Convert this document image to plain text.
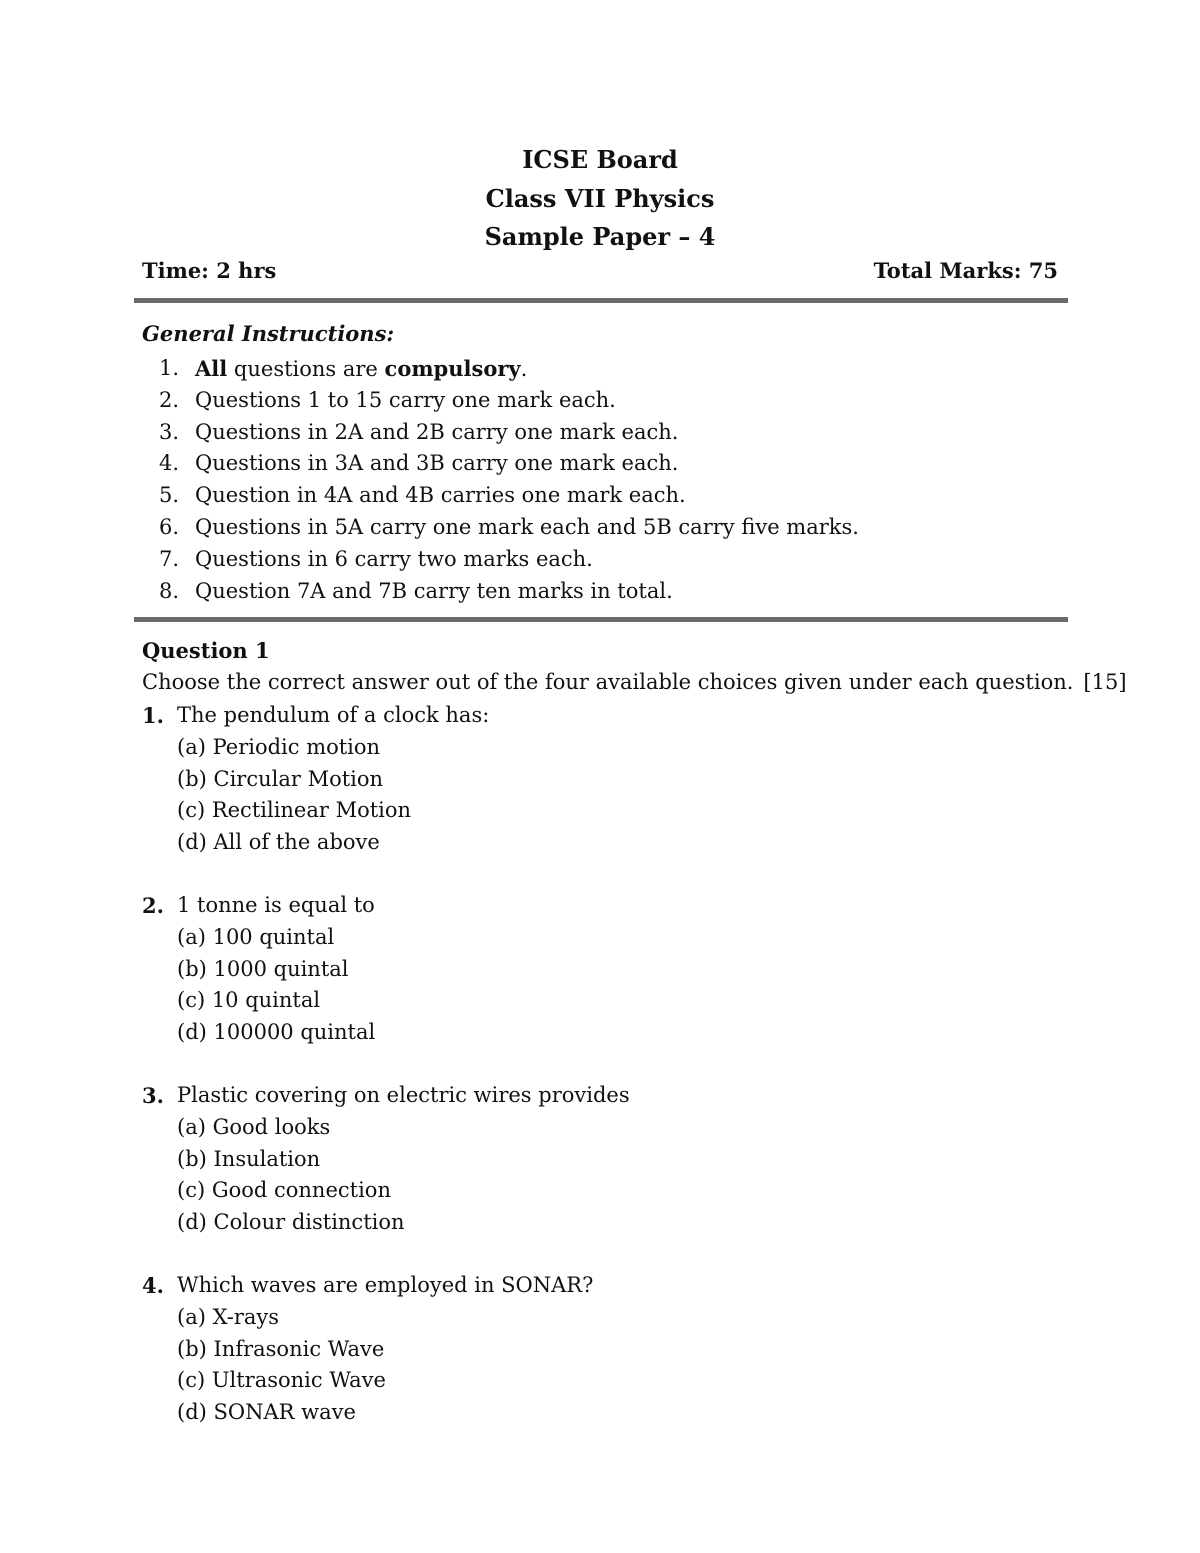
ICSE Board
Class VII Physics
Sample Paper – 4
Time: 2 hrs	Total Marks: 75
General Instructions:
1. All questions are compulsory.
2. Questions 1 to 15 carry one mark each.
3. Questions in 2A and 2B carry one mark each.
4. Questions in 3A and 3B carry one mark each.
5. Question in 4A and 4B carries one mark each.
6. Questions in 5A carry one mark each and 5B carry five marks.
7. Questions in 6 carry two marks each.
8. Question 7A and 7B carry ten marks in total.
Question 1
Choose the correct answer out of the four available choices given under each question. [15]
1. The pendulum of a clock has:
(a) Periodic motion
(b) Circular Motion
(c) Rectilinear Motion
(d) All of the above
2. 1 tonne is equal to
(a) 100 quintal
(b) 1000 quintal
(c) 10 quintal
(d) 100000 quintal
3. Plastic covering on electric wires provides
(a) Good looks
(b) Insulation
(c) Good connection
(d) Colour distinction
4. Which waves are employed in SONAR?
(a) X-rays
(b) Infrasonic Wave
(c) Ultrasonic Wave
(d) SONAR wave
